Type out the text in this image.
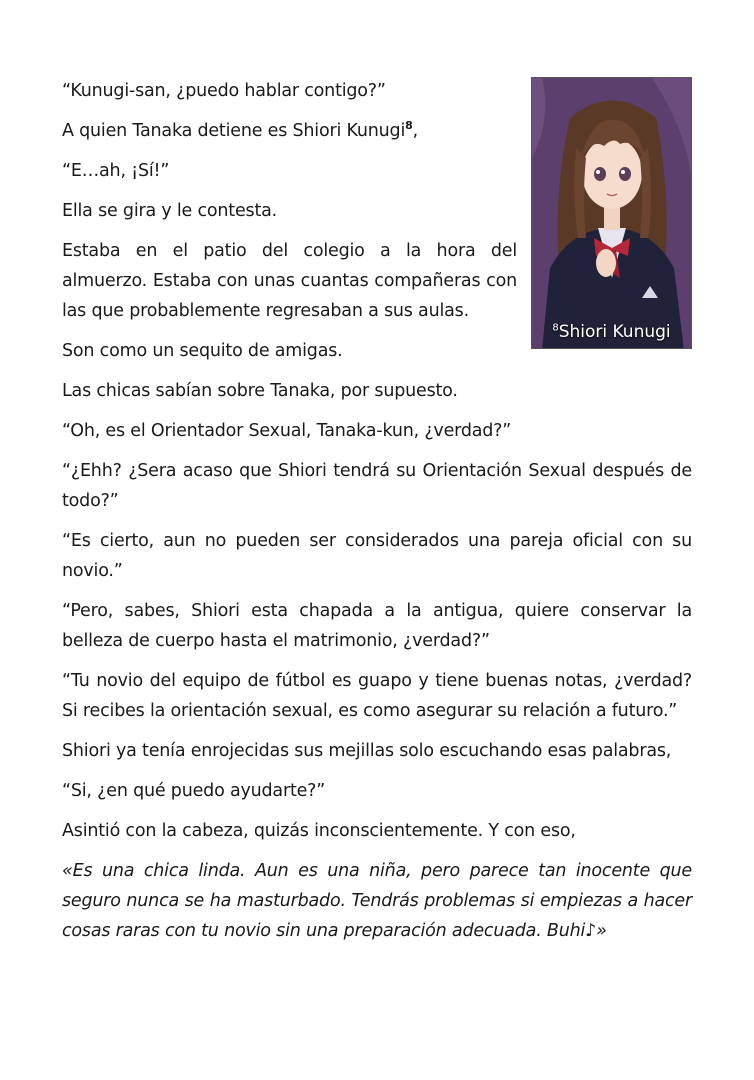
$^8$Shiori Kunugi

“Kunugi-san, ¿puedo hablar contigo?”

A quien Tanaka detiene es Shiori Kunugi$^8$,

“E…ah, ¡Sí!”

Ella se gira y le contesta.

Estaba en el patio del colegio a la hora del almuerzo. Estaba con unas cuantas compañeras con las que probablemente regresaban a sus aulas.

Son como un sequito de amigas.

Las chicas sabían sobre Tanaka, por supuesto.

“Oh, es el Orientador Sexual, Tanaka-kun, ¿verdad?”

“¿Ehh? ¿Sera acaso que Shiori tendrá su Orientación Sexual después de todo?”

“Es cierto, aun no pueden ser considerados una pareja oficial con su novio.”

“Pero, sabes, Shiori esta chapada a la antigua, quiere conservar la belleza de cuerpo hasta el matrimonio, ¿verdad?”

“Tu novio del equipo de fútbol es guapo y tiene buenas notas, ¿verdad? Si recibes la orientación sexual, es como asegurar su relación a futuro.”

Shiori ya tenía enrojecidas sus mejillas solo escuchando esas palabras,

“Si, ¿en qué puedo ayudarte?”

Asintió con la cabeza, quizás inconscientemente. Y con eso,

«Es una chica linda. Aun es una niña, pero parece tan inocente que seguro nunca se ha masturbado. Tendrás problemas si empiezas a hacer cosas raras con tu novio sin una preparación adecuada. Buhi♪»
